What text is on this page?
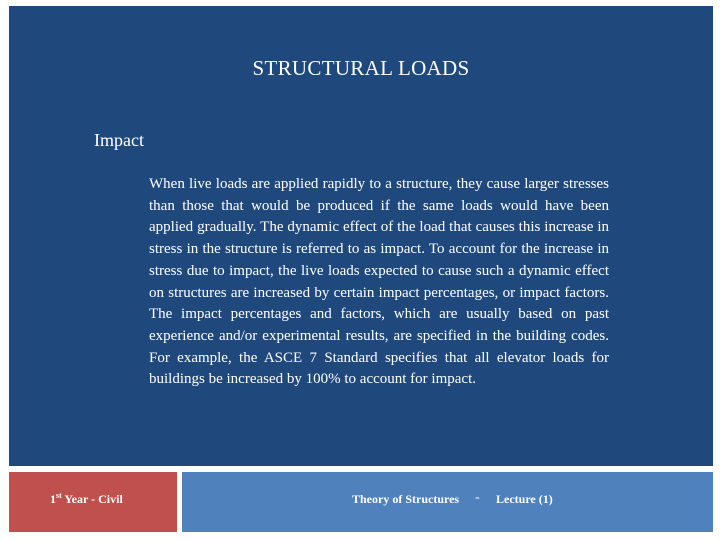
STRUCTURAL LOADS
Impact
When live loads are applied rapidly to a structure, they cause larger stresses than those that would be produced if the same loads would have been applied gradually. The dynamic effect of the load that causes this increase in stress in the structure is referred to as impact. To account for the increase in stress due to impact, the live loads expected to cause such a dynamic effect on structures are increased by certain impact percentages, or impact factors. The impact percentages and factors, which are usually based on past experience and/or experimental results, are specified in the building codes. For example, the ASCE 7 Standard specifies that all elevator loads for buildings be increased by 100% to account for impact.
1st Year - Civil	Theory of Structures - Lecture (1)
